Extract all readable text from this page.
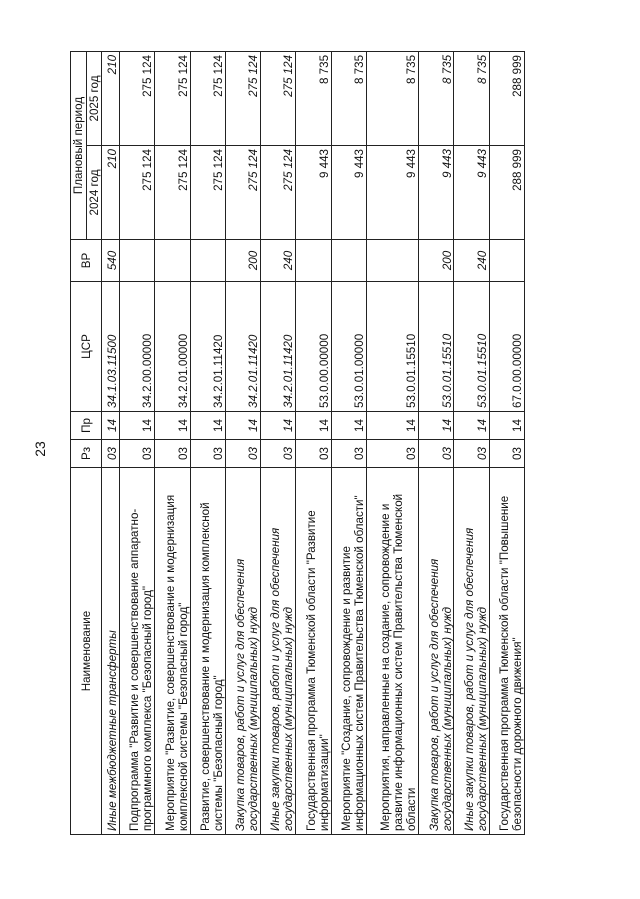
23
Наименование	Рз	Пр	ЦСР	ВР	Плановый период	
					2024 год	2025 год
Иные межбюджетные трансферты	03	14	34.1.03.11500	540	210	210
Подпрограмма "Развитие и совершенствование аппаратно-программного комплекса "Безопасный город"	03	14	34.2.00.00000		275 124	275 124
Мероприятие "Развитие, совершенствование и модернизация комплексной системы "Безопасный город"	03	14	34.2.01.00000		275 124	275 124
Развитие, совершенствование и модернизация комплексной системы "Безопасный город"	03	14	34.2.01.11420		275 124	275 124
Закупка товаров, работ и услуг для обеспечения государственных (муниципальных) нужд	03	14	34.2.01.11420	200	275 124	275 124
Иные закупки товаров, работ и услуг для обеспечения государственных (муниципальных) нужд	03	14	34.2.01.11420	240	275 124	275 124
Государственная программа Тюменской области "Развитие информатизации"	03	14	53.0.00.00000		9 443	8 735
Мероприятие "Создание, сопровождение и развитие информационных систем Правительства Тюменской области"	03	14	53.0.01.00000		9 443	8 735
Мероприятия, направленные на создание, сопровождение и развитие информационных систем Правительства Тюменской области	03	14	53.0.01.15510		9 443	8 735
Закупка товаров, работ и услуг для обеспечения государственных (муниципальных) нужд	03	14	53.0.01.15510	200	9 443	8 735
Иные закупки товаров, работ и услуг для обеспечения государственных (муниципальных) нужд	03	14	53.0.01.15510	240	9 443	8 735
Государственная программа Тюменской области "Повышение безопасности дорожного движения"	03	14	67.0.00.00000		288 999	288 999
